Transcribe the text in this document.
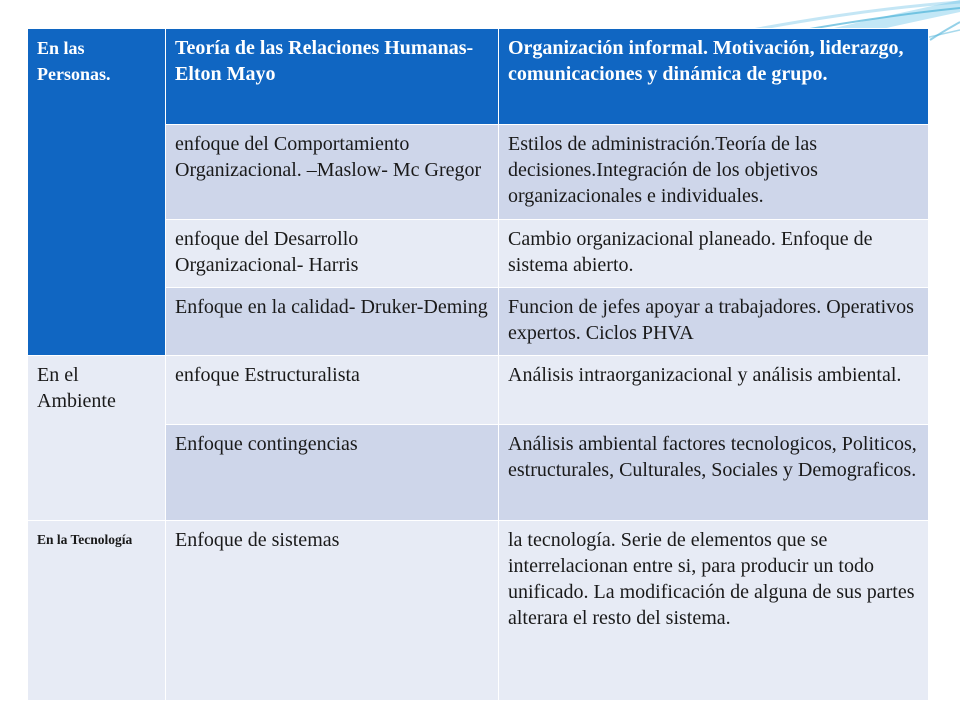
En las Personas.	Teoría de las Relaciones Humanas- Elton Mayo	Organización informal. Motivación, liderazgo, comunicaciones y dinámica de grupo.
	enfoque del Comportamiento Organizacional. –Maslow- Mc Gregor	Estilos de administración.Teoría de las decisiones.Integración de los objetivos organizacionales e individuales.
	enfoque del Desarrollo Organizacional- Harris	Cambio organizacional planeado. Enfoque de sistema abierto.
	Enfoque en la calidad- Druker-Deming	Funcion de jefes apoyar a trabajadores. Operativos expertos. Ciclos PHVA
En el Ambiente	enfoque Estructuralista	Análisis intraorganizacional y análisis ambiental.
	Enfoque contingencias	Análisis ambiental factores tecnologicos, Politicos, estructurales, Culturales, Sociales y Demograficos.
En la Tecnología	Enfoque de sistemas	la tecnología. Serie de elementos que se interrelacionan entre si, para producir un todo unificado. La modificación de alguna de sus partes alterara el resto del sistema.
